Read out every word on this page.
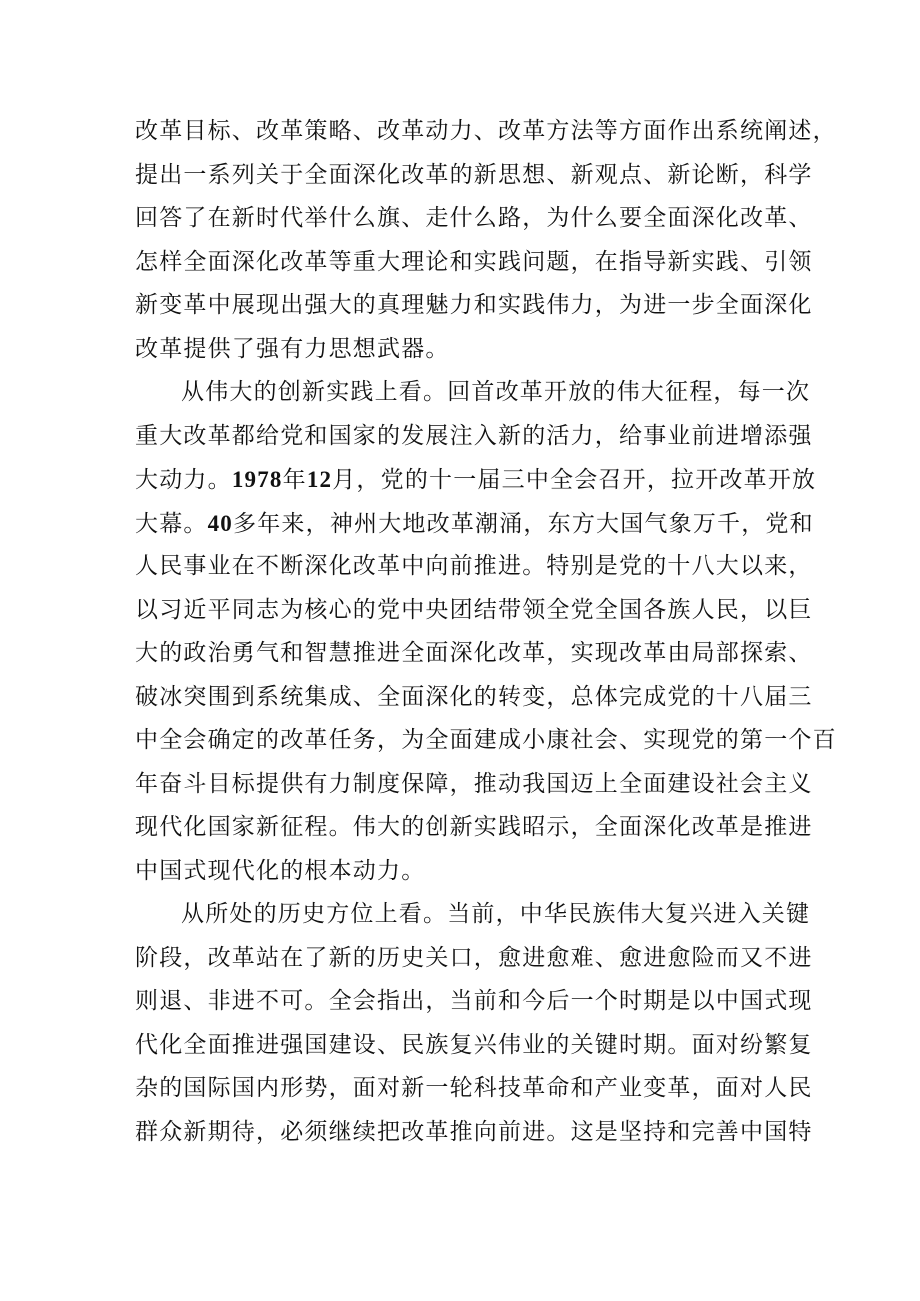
改革目标、改革策略、改革动力、改革方法等方面作出系统阐述，
提出一系列关于全面深化改革的新思想、新观点、新论断，科学
回答了在新时代举什么旗、走什么路，为什么要全面深化改革、
怎样全面深化改革等重大理论和实践问题，在指导新实践、引领
新变革中展现出强大的真理魅力和实践伟力，为进一步全面深化
改革提供了强有力思想武器。
从伟大的创新实践上看。回首改革开放的伟大征程，每一次
重大改革都给党和国家的发展注入新的活力，给事业前进增添强
大动力。1978年12月，党的十一届三中全会召开，拉开改革开放
大幕。40多年来，神州大地改革潮涌，东方大国气象万千，党和
人民事业在不断深化改革中向前推进。特别是党的十八大以来，
以习近平同志为核心的党中央团结带领全党全国各族人民，以巨
大的政治勇气和智慧推进全面深化改革，实现改革由局部探索、
破冰突围到系统集成、全面深化的转变，总体完成党的十八届三
中全会确定的改革任务，为全面建成小康社会、实现党的第一个百
年奋斗目标提供有力制度保障，推动我国迈上全面建设社会主义
现代化国家新征程。伟大的创新实践昭示，全面深化改革是推进
中国式现代化的根本动力。
从所处的历史方位上看。当前，中华民族伟大复兴进入关键
阶段，改革站在了新的历史关口，愈进愈难、愈进愈险而又不进
则退、非进不可。全会指出，当前和今后一个时期是以中国式现
代化全面推进强国建设、民族复兴伟业的关键时期。面对纷繁复
杂的国际国内形势，面对新一轮科技革命和产业变革，面对人民
群众新期待，必须继续把改革推向前进。这是坚持和完善中国特
